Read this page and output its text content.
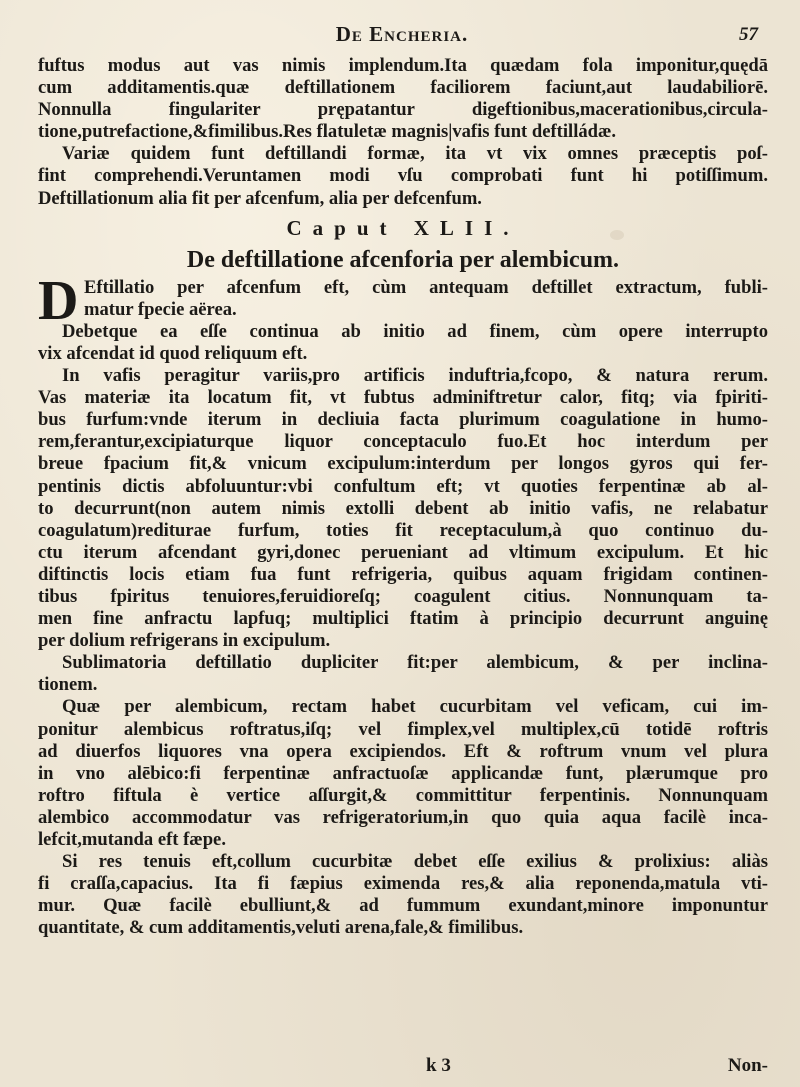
De Encheria.	57
fuftus modus aut vas nimis implendum.Ita quædam fola imponitur,quędā
cum additamentis.quæ deftillationem faciliorem faciunt,aut laudabiliorē.
Nonnulla fingulariter prępatantur digeftionibus,macerationibus,circula-
tione,putrefactione,&fimilibus.Res flatuletæ magnis|vafis funt deftilládæ.
Variæ quidem funt deftillandi formæ, ita vt vix omnes præceptis poſ-
fint comprehendi.Veruntamen modi vſu comprobati funt hi potiſſimum.
Deftillationum alia fit per afcenfum, alia per defcenfum.
Caput XLII.
De deftillatione afcenforia per alembicum.
D Eftillatio per afcenfum eft, cùm antequam deftillet extractum, fubli-
matur fpecie aërea.
Debetque ea eſſe continua ab initio ad finem, cùm opere interrupto
vix afcendat id quod reliquum eft.
In vafis peragitur variis,pro artificis induftria,fcopo, & natura rerum.
Vas materiæ ita locatum fit, vt fubtus adminiftretur calor, fitq; via fpiriti-
bus furfum:vnde iterum in decliuia facta plurimum coagulatione in humo-
rem,ferantur,excipiaturque liquor conceptaculo fuo.Et hoc interdum per
breue fpacium fit,& vnicum excipulum:interdum per longos gyros qui fer-
pentinis dictis abfoluuntur:vbi confultum eft; vt quoties ferpentinæ ab al-
to decurrunt(non autem nimis extolli debent ab initio vafis, ne relabatur
coagulatum)rediturae furfum, toties fit receptaculum,à quo continuo du-
ctu iterum afcendant gyri,donec perueniant ad vltimum excipulum. Et hic
diftinctis locis etiam fua funt refrigeria, quibus aquam frigidam continen-
tibus fpiritus tenuiores,feruidioreſq; coagulent citius. Nonnunquam ta-
men fine anfractu lapfuq; multiplici ftatim à principio decurrunt anguinę
per dolium refrigerans in excipulum.
Sublimatoria deftillatio dupliciter fit:per alembicum, & per inclina-
tionem.
Quæ per alembicum, rectam habet cucurbitam vel veficam, cui im-
ponitur alembicus roftratus,iſq; vel fimplex,vel multiplex,cū totidē roftris
ad diuerfos liquores vna opera excipiendos. Eft & roftrum vnum vel plura
in vno alēbico:fi ferpentinæ anfractuoſæ applicandæ funt, plærumque pro
roftro fiftula è vertice aſſurgit,& committitur ferpentinis. Nonnunquam
alembico accommodatur vas refrigeratorium,in quo quia aqua facilè inca-
lefcit,mutanda eft fæpe.
Si res tenuis eft,collum cucurbitæ debet eſſe exilius & prolixius: aliàs
fi craſſa,capacius. Ita fi fæpius eximenda res,& alia reponenda,matula vti-
mur. Quæ facilè ebulliunt,& ad fummum exundant,minore imponuntur
quantitate, & cum additamentis,veluti arena,fale,& fimilibus.
k 3	Non-
